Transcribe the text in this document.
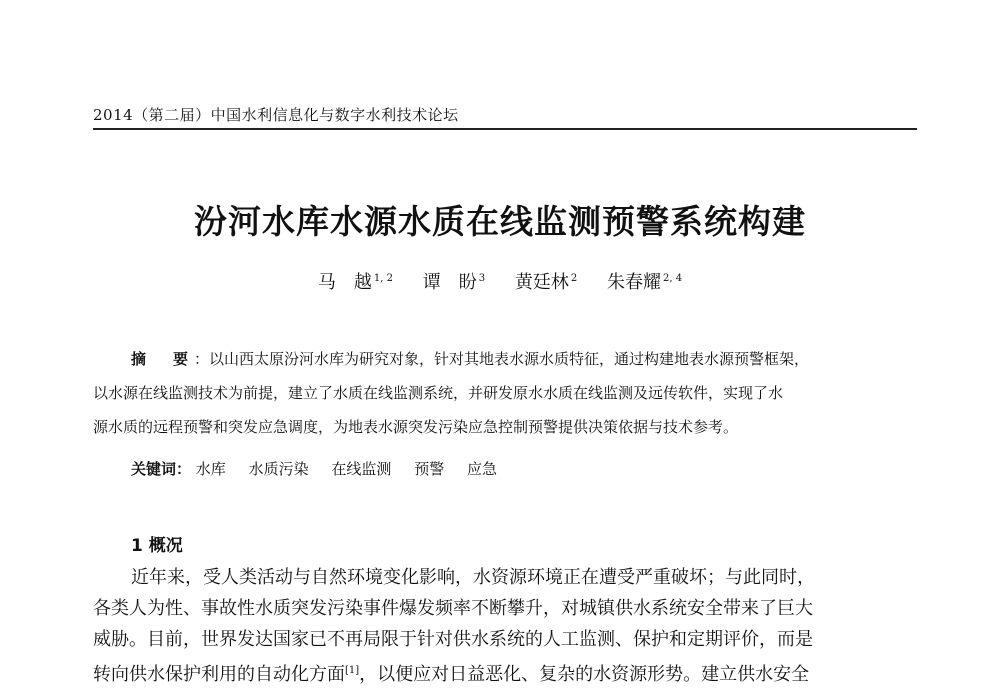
2014（第二届）中国水利信息化与数字水利技术论坛
汾河水库水源水质在线监测预警系统构建
马　越 $^{1, 2}$ 谭　盼 $^3$ 黄廷林 $^2$ 朱春耀 $^{2, 4}$
摘　要：以山西太原汾河水库为研究对象，针对其地表水源水质特征，通过构建地表水源预警框架，
以水源在线监测技术为前提，建立了水质在线监测系统，并研发原水水质在线监测及远传软件，实现了水
源水质的远程预警和突发应急调度，为地表水源突发污染应急控制预警提供决策依据与技术参考。
关键词： 水库 水质污染 在线监测 预警 应急
1 概况
近年来，受人类活动与自然环境变化影响，水资源环境正在遭受严重破坏；与此同时，
各类人为性、事故性水质突发污染事件爆发频率不断攀升，对城镇供水系统安全带来了巨大
威胁。目前，世界发达国家已不再局限于针对供水系统的人工监测、保护和定期评价，而是
转向供水保护利用的自动化方面[1]，以便应对日益恶化、复杂的水资源形势。建立供水安全
